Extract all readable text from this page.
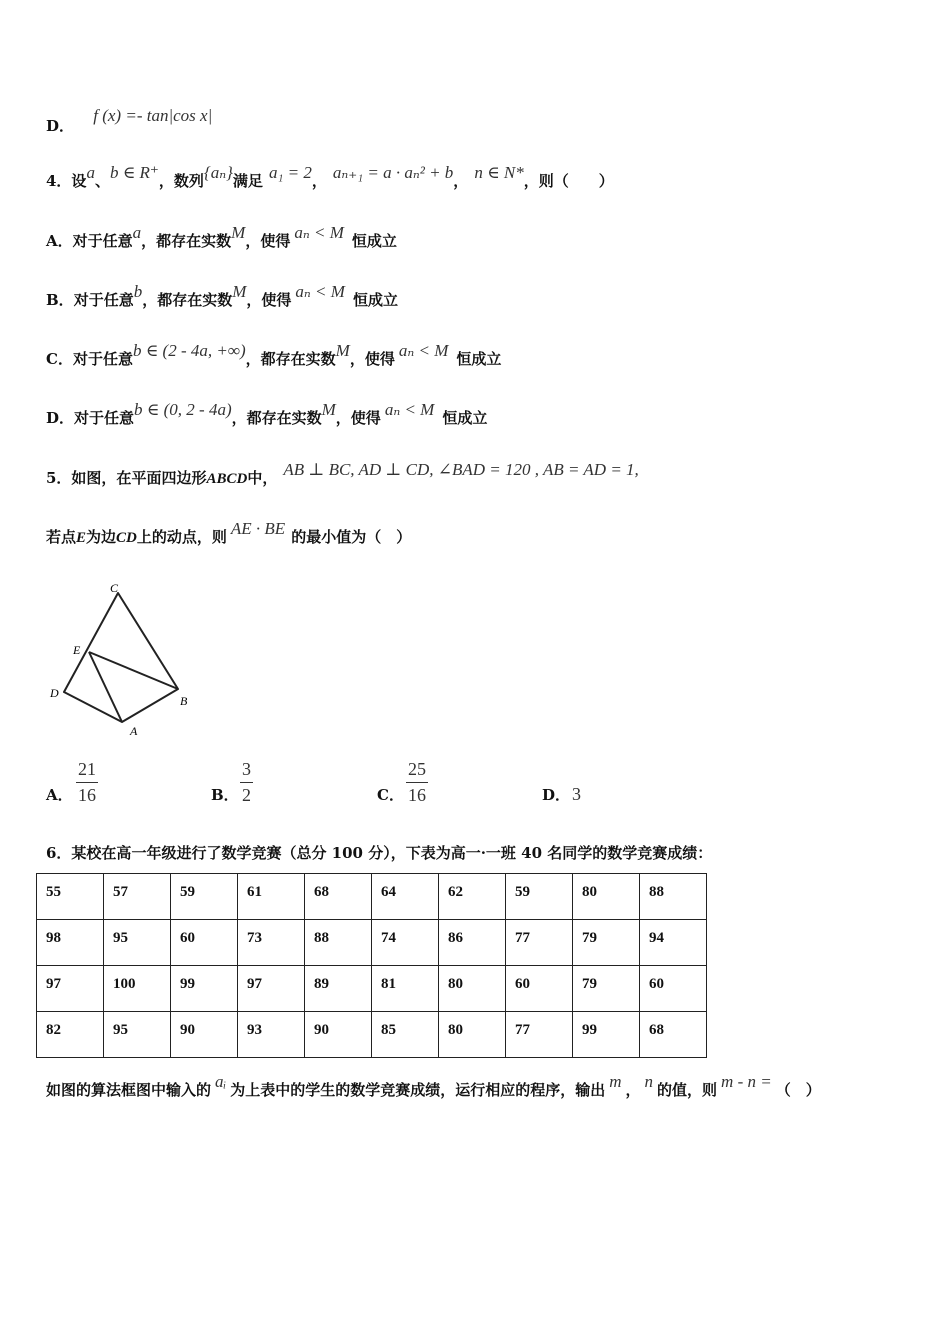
D． f (x) =- tan|cos x|
4．设a、b ∈ R⁺，数列{aₙ}满足 a₁ = 2， aₙ₊₁ = a · aₙ² + b， n ∈ N*，则（　　）
A．对于任意a，都存在实数M，使得 aₙ < M 恒成立
B．对于任意b，都存在实数M，使得 aₙ < M 恒成立
C．对于任意b ∈ (2 - 4a, +∞)，都存在实数M，使得 aₙ < M 恒成立
D．对于任意b ∈ (0, 2 - 4a)，都存在实数M，使得 aₙ < M 恒成立
5．如图，在平面四边形ABCD中， AB ⊥ BC, AD ⊥ CD, ∠BAD = 120 , AB = AD = 1,
若点E为边CD上的动点，则 AE · BE 的最小值为（　）
C
E
D
B
A
A． $\frac{21}{16}$	B． $\frac{3}{2}$	C． $\frac{25}{16}$	D． 3
6．某校在高一年级进行了数学竞赛（总分 100 分），下表为高一·一班 40 名同学的数学竞赛成绩：
55	57	59	61	68	64	62	59	80	88
98	95	60	73	88	74	86	77	79	94
97	100	99	97	89	81	80	60	79	60
82	95	90	93	90	85	80	77	99	68
如图的算法框图中输入的 aᵢ 为上表中的学生的数学竞赛成绩，运行相应的程序，输出 m ， n 的值，则 m - n = （　）
